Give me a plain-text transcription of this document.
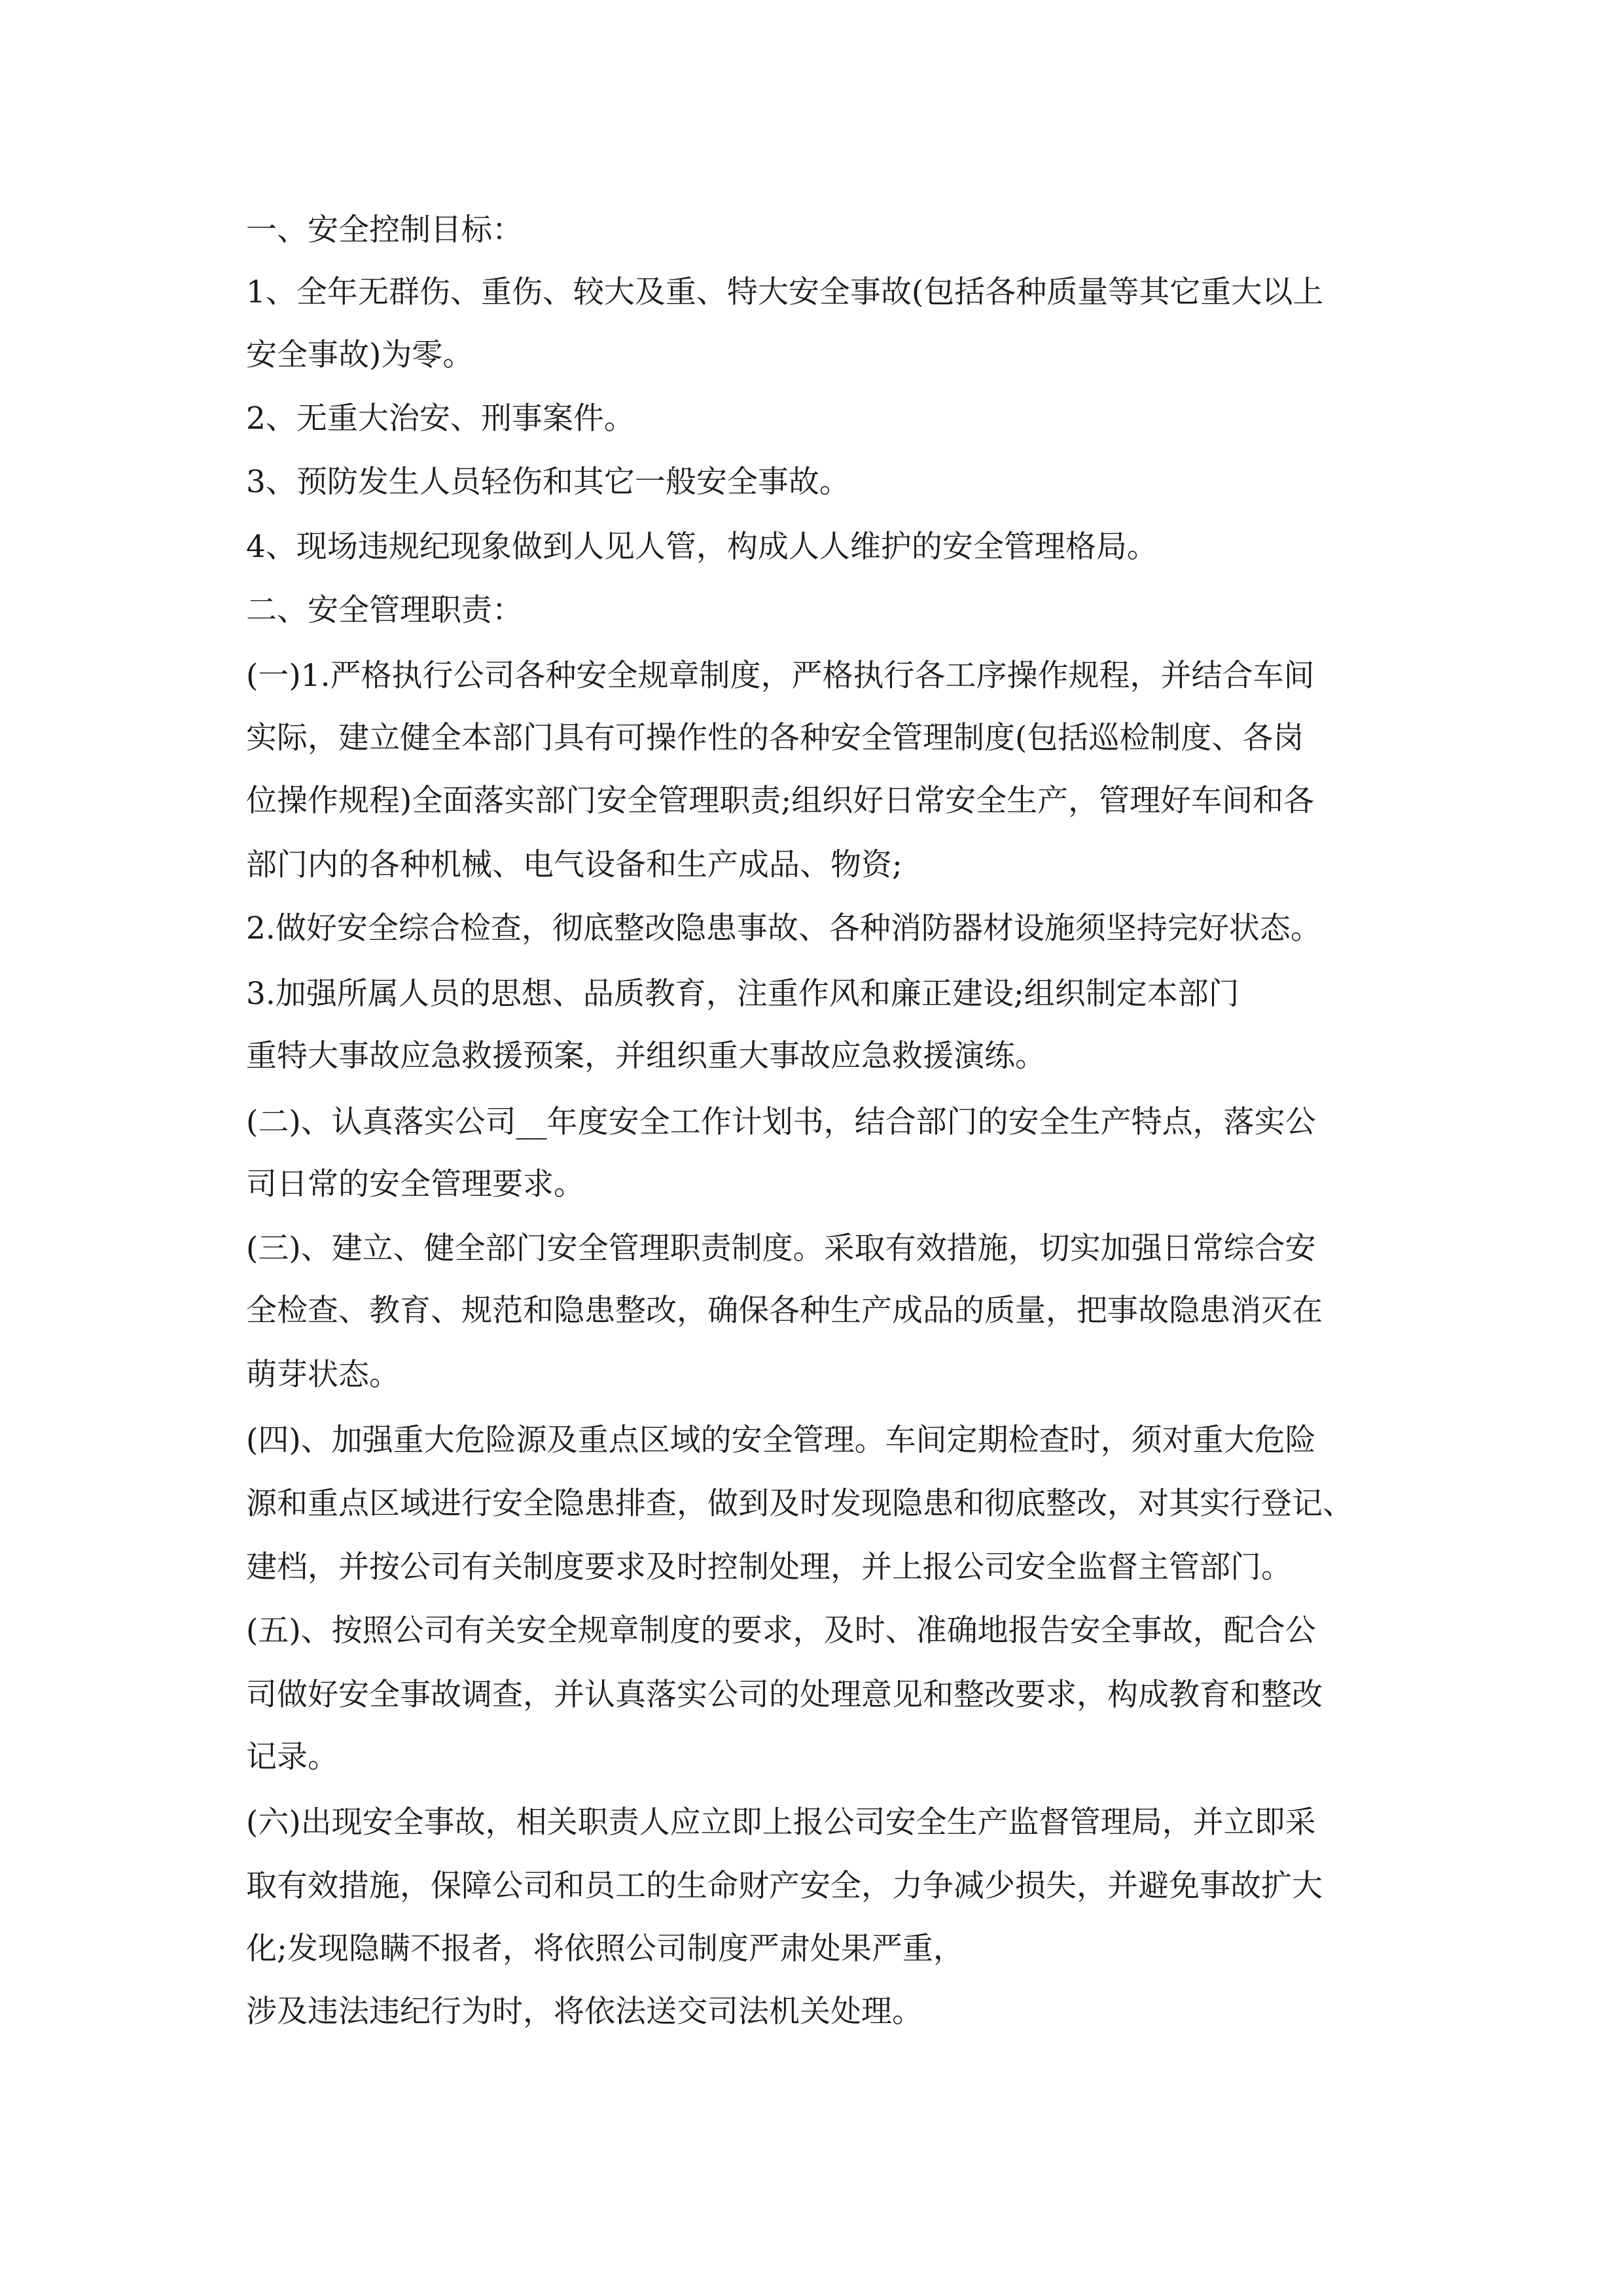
一、安全控制目标：

1、全年无群伤、重伤、较大及重、特大安全事故(包括各种质量等其它重大以上

安全事故)为零。

2、无重大治安、刑事案件。

3、预防发生人员轻伤和其它一般安全事故。

4、现场违规纪现象做到人见人管，构成人人维护的安全管理格局。

二、安全管理职责：

(一)1.严格执行公司各种安全规章制度，严格执行各工序操作规程，并结合车间

实际，建立健全本部门具有可操作性的各种安全管理制度(包括巡检制度、各岗

位操作规程)全面落实部门安全管理职责;组织好日常安全生产，管理好车间和各

部门内的各种机械、电气设备和生产成品、物资;

2.做好安全综合检查，彻底整改隐患事故、各种消防器材设施须坚持完好状态。

3.加强所属人员的思想、品质教育，注重作风和廉正建设;组织制定本部门

重特大事故应急救援预案，并组织重大事故应急救援演练。

(二)、认真落实公司__年度安全工作计划书，结合部门的安全生产特点，落实公

司日常的安全管理要求。

(三)、建立、健全部门安全管理职责制度。采取有效措施，切实加强日常综合安

全检查、教育、规范和隐患整改，确保各种生产成品的质量，把事故隐患消灭在

萌芽状态。

(四)、加强重大危险源及重点区域的安全管理。车间定期检查时，须对重大危险

源和重点区域进行安全隐患排查，做到及时发现隐患和彻底整改，对其实行登记、

建档，并按公司有关制度要求及时控制处理，并上报公司安全监督主管部门。

(五)、按照公司有关安全规章制度的要求，及时、准确地报告安全事故，配合公

司做好安全事故调查，并认真落实公司的处理意见和整改要求，构成教育和整改

记录。

(六)出现安全事故，相关职责人应立即上报公司安全生产监督管理局，并立即采

取有效措施，保障公司和员工的生命财产安全，力争减少损失，并避免事故扩大

化;发现隐瞒不报者，将依照公司制度严肃处果严重，

涉及违法违纪行为时，将依法送交司法机关处理。
